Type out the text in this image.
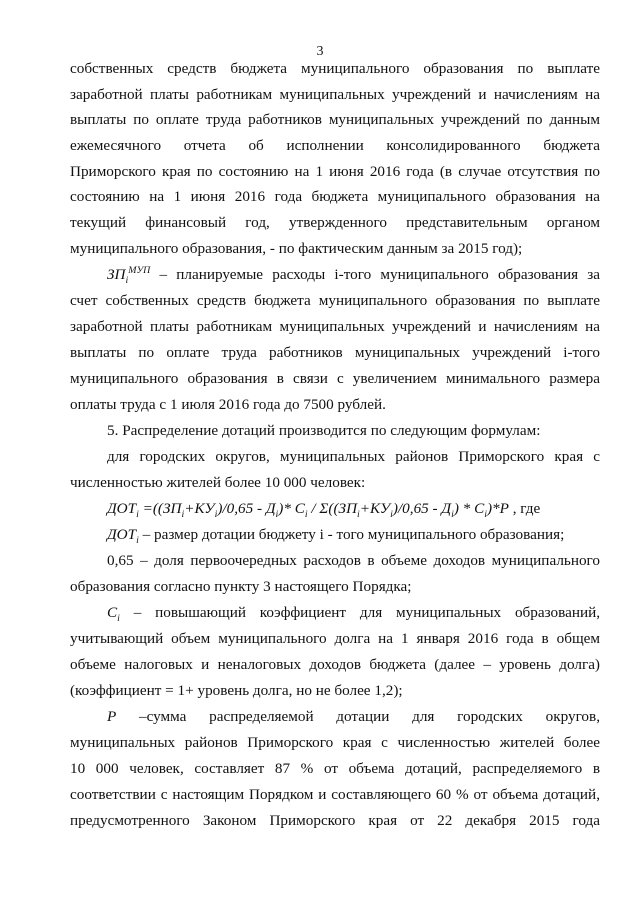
3
собственных средств бюджета муниципального образования по выплате
заработной платы работникам муниципальных учреждений и начислениям на
выплаты по оплате труда работников муниципальных учреждений по данным
ежемесячного отчета об исполнении консолидированного бюджета
Приморского края по состоянию на 1 июня 2016 года (в случае отсутствия по
состоянию на 1 июня 2016 года бюджета муниципального образования на
текущий финансовый год, утвержденного представительным органом
муниципального образования, - по фактическим данным за 2015 год);
$ЗП_i^{МУП}$ – планируемые расходы i-того муниципального образования за
счет собственных средств бюджета муниципального образования по выплате
заработной платы работникам муниципальных учреждений и начислениям на
выплаты по оплате труда работников муниципальных учреждений i-того
муниципального образования в связи с увеличением минимального размера
оплаты труда с 1 июля 2016 года до 7500 рублей.
5. Распределение дотаций производится по следующим формулам:
для городских округов, муниципальных районов Приморского края с
численностью жителей более 10 000 человек:
$ДОТ_i =((ЗП_i+КУ_i)/0,65 - Д_i)*$ $С_i / \Sigma((ЗП_i+КУ_i)/0,65 - Д_i) * С_i)*Р$ , где
$ДОТ_i$ – размер дотации бюджету i - того муниципального образования;
0,65 – доля первоочередных расходов в объеме доходов муниципального
образования согласно пункту 3 настоящего Порядка;
$С_i$ – повышающий коэффициент для муниципальных образований,
учитывающий объем муниципального долга на 1 января 2016 года в общем
объеме налоговых и неналоговых доходов бюджета (далее – уровень долга)
(коэффициент = 1+ уровень долга, но не более 1,2);
Р –сумма распределяемой дотации для городских округов,
муниципальных районов Приморского края с численностью жителей более
10 000 человек, составляет 87 % от объема дотаций, распределяемого в
соответствии с настоящим Порядком и составляющего 60 % от объема дотаций,
предусмотренного Законом Приморского края от 22 декабря 2015 года
